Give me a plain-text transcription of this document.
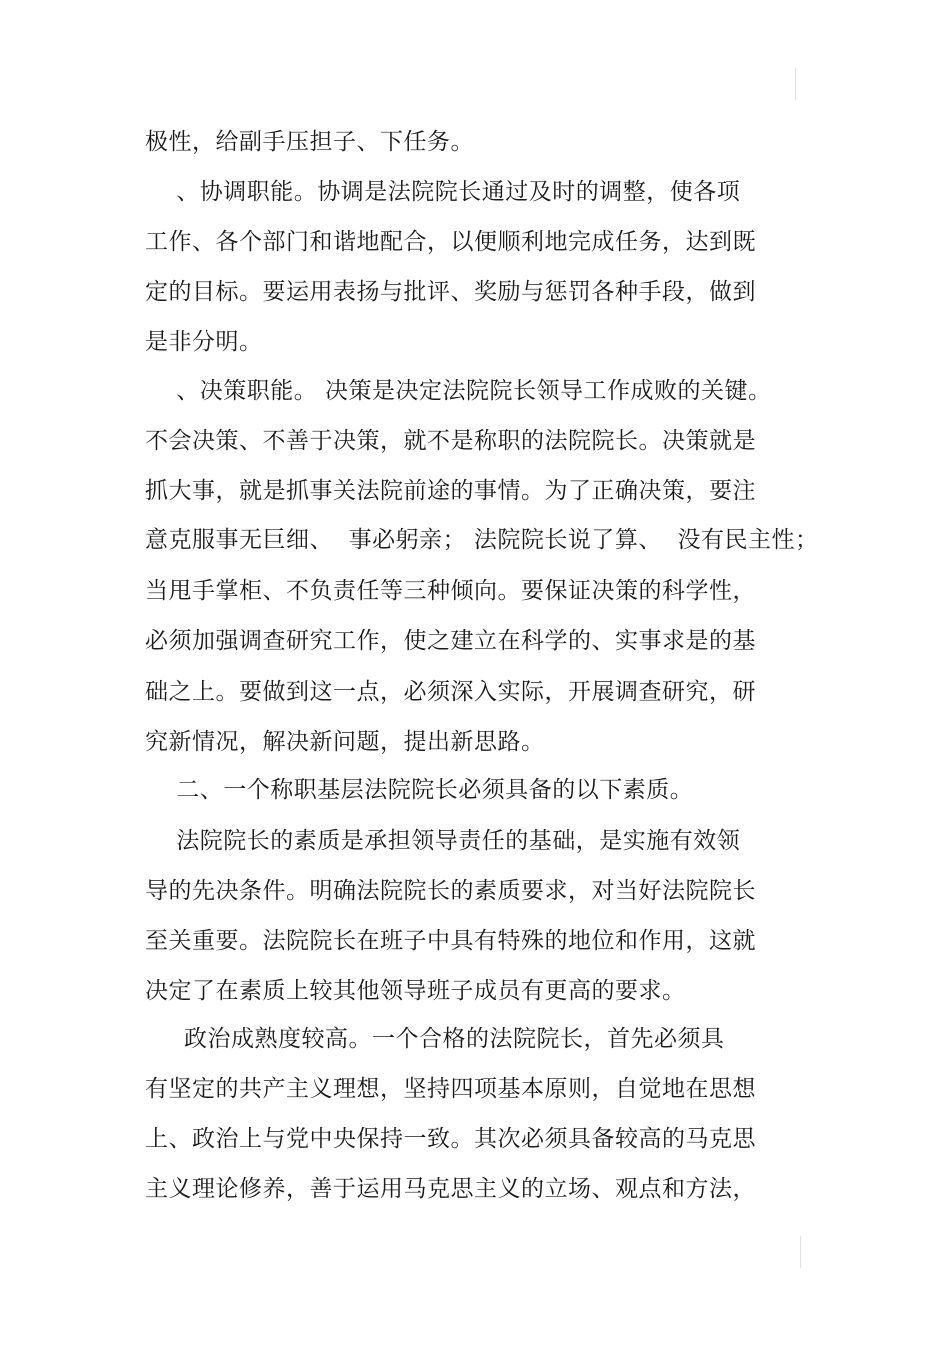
极性，给副手压担子、下任务。
、协调职能。协调是法院院长通过及时的调整，使各项
工作、各个部门和谐地配合，以便顺利地完成任务，达到既
定的目标。要运用表扬与批评、奖励与惩罚各种手段，做到
是非分明。
、决策职能。 决策是决定法院院长领导工作成败的关键。
不会决策、不善于决策，就不是称职的法院院长。决策就是
抓大事，就是抓事关法院前途的事情。为了正确决策，要注
意克服事无巨细、  事必躬亲； 法院院长说了算、  没有民主性；
当甩手掌柜、不负责任等三种倾向。要保证决策的科学性，
必须加强调查研究工作，使之建立在科学的、实事求是的基
础之上。要做到这一点，必须深入实际，开展调查研究，研
究新情况，解决新问题，提出新思路。
二、一个称职基层法院院长必须具备的以下素质。
法院院长的素质是承担领导责任的基础，是实施有效领
导的先决条件。明确法院院长的素质要求，对当好法院院长
至关重要。法院院长在班子中具有特殊的地位和作用，这就
决定了在素质上较其他领导班子成员有更高的要求。
政治成熟度较高。一个合格的法院院长，首先必须具
有坚定的共产主义理想，坚持四项基本原则，自觉地在思想
上、政治上与党中央保持一致。其次必须具备较高的马克思
主义理论修养，善于运用马克思主义的立场、观点和方法，
